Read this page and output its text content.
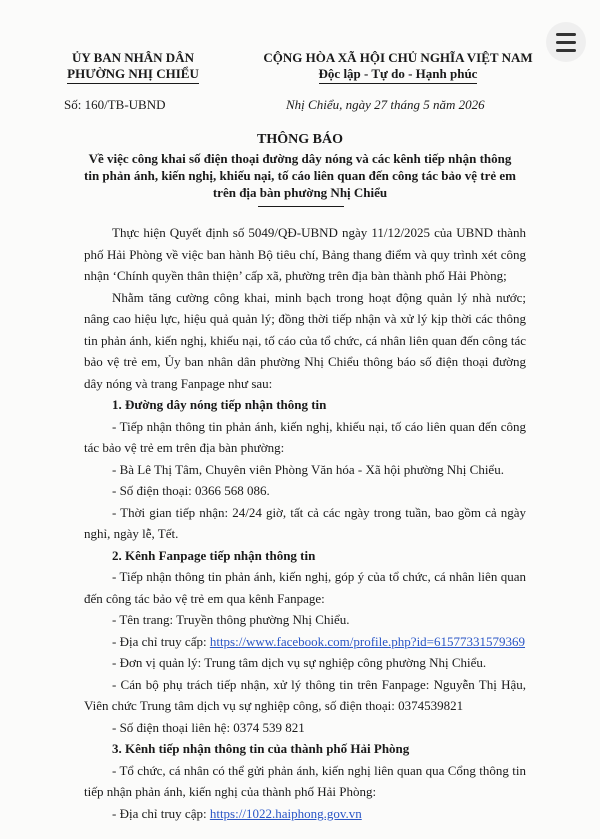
ỦY BAN NHÂN DÂN
PHƯỜNG NHỊ CHIỂU
CỘNG HÒA XÃ HỘI CHỦ NGHĨA VIỆT NAM
Độc lập - Tự do - Hạnh phúc
Số: 160/TB-UBND	Nhị Chiểu, ngày 27 tháng 5 năm 2026
THÔNG BÁO
Về việc công khai số điện thoại đường dây nóng và các kênh tiếp nhận thông tin phản ánh, kiến nghị, khiếu nại, tố cáo liên quan đến công tác bảo vệ trẻ em trên địa bàn phường Nhị Chiểu

Thực hiện Quyết định số 5049/QĐ-UBND ngày 11/12/2025 của UBND thành phố Hải Phòng về việc ban hành Bộ tiêu chí, Bảng thang điểm và quy trình xét công nhận ‘Chính quyền thân thiện’ cấp xã, phường trên địa bàn thành phố Hải Phòng;

Nhằm tăng cường công khai, minh bạch trong hoạt động quản lý nhà nước; nâng cao hiệu lực, hiệu quả quản lý; đồng thời tiếp nhận và xử lý kịp thời các thông tin phản ánh, kiến nghị, khiếu nại, tố cáo của tổ chức, cá nhân liên quan đến công tác bảo vệ trẻ em, Ủy ban nhân dân phường Nhị Chiểu thông báo số điện thoại đường dây nóng và trang Fanpage như sau:

1. Đường dây nóng tiếp nhận thông tin

- Tiếp nhận thông tin phản ánh, kiến nghị, khiếu nại, tố cáo liên quan đến công tác bảo vệ trẻ em trên địa bàn phường:

- Bà Lê Thị Tâm, Chuyên viên Phòng Văn hóa - Xã hội phường Nhị Chiểu.

- Số điện thoại: 0366 568 086.

- Thời gian tiếp nhận: 24/24 giờ, tất cả các ngày trong tuần, bao gồm cả ngày nghỉ, ngày lễ, Tết.

2. Kênh Fanpage tiếp nhận thông tin

- Tiếp nhận thông tin phản ánh, kiến nghị, góp ý của tổ chức, cá nhân liên quan đến công tác bảo vệ trẻ em qua kênh Fanpage:

- Tên trang: Truyền thông phường Nhị Chiểu.

- Địa chỉ truy cấp: https://www.facebook.com/profile.php?id=61577331579369

- Đơn vị quản lý: Trung tâm dịch vụ sự nghiệp công phường Nhị Chiểu.

- Cán bộ phụ trách tiếp nhận, xử lý thông tin trên Fanpage: Nguyễn Thị Hậu, Viên chức Trung tâm dịch vụ sự nghiệp công, số điện thoại: 0374539821

- Số điện thoại liên hệ: 0374 539 821

3. Kênh tiếp nhận thông tin của thành phố Hải Phòng

- Tổ chức, cá nhân có thể gửi phản ánh, kiến nghị liên quan qua Cổng thông tin tiếp nhận phản ánh, kiến nghị của thành phố Hải Phòng:

- Địa chỉ truy cập: https://1022.haiphong.gov.vn
